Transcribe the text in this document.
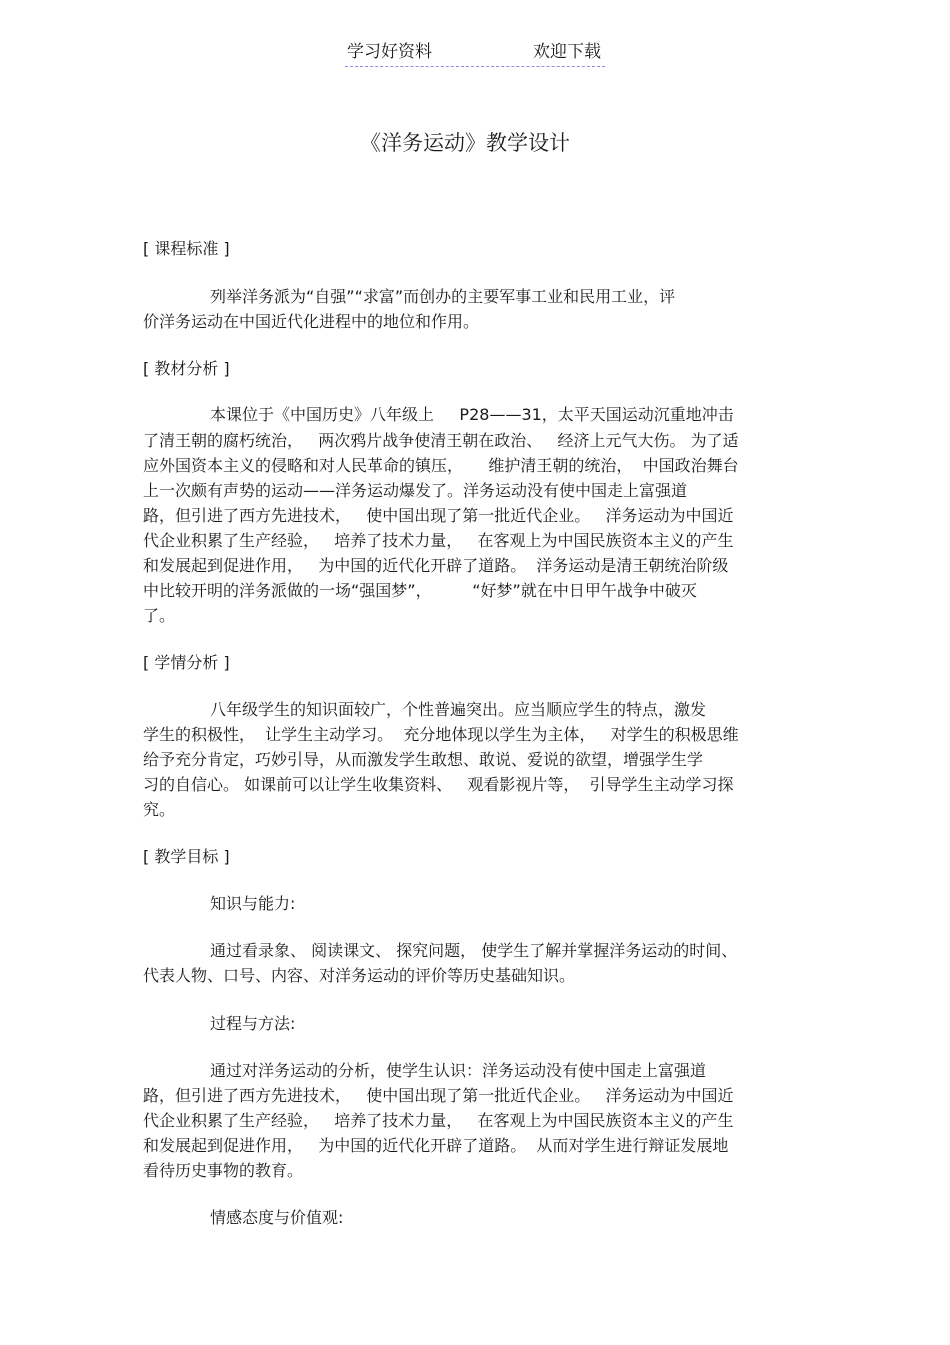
学习好资料	欢迎下载
《洋务运动》教学设计
[ 课程标准 ]
列举洋务派为“自强”“求富”而创办的主要军事工业和民用工业，评
价洋务运动在中国近代化进程中的地位和作用。
[ 教材分析 ]
本课位于《中国历史》八年级上     P28——31，太平天国运动沉重地冲击
了清王朝的腐朽统治，   两次鸦片战争使清王朝在政治、   经济上元气大伤。 为了适
应外国资本主义的侵略和对人民革命的镇压，     维护清王朝的统治，  中国政治舞台
上一次颇有声势的运动——洋务运动爆发了。洋务运动没有使中国走上富强道
路，但引进了西方先进技术，   使中国出现了第一批近代企业。   洋务运动为中国近
代企业积累了生产经验，   培养了技术力量，   在客观上为中国民族资本主义的产生
和发展起到促进作用，   为中国的近代化开辟了道路。  洋务运动是清王朝统治阶级
中比较开明的洋务派做的一场“强国梦”，        “好梦”就在中日甲午战争中破灭
了。
[ 学情分析 ]
八年级学生的知识面较广，个性普遍突出。应当顺应学生的特点，激发
学生的积极性，  让学生主动学习。  充分地体现以学生为主体，   对学生的积极思维
给予充分肯定，巧妙引导，从而激发学生敢想、敢说、爱说的欲望，增强学生学
习的自信心。 如课前可以让学生收集资料、   观看影视片等，  引导学生主动学习探
究。
[ 教学目标 ]
知识与能力:
通过看录象、 阅读课文、 探究问题， 使学生了解并掌握洋务运动的时间、
代表人物、口号、内容、对洋务运动的评价等历史基础知识。
过程与方法:
通过对洋务运动的分析，使学生认识：洋务运动没有使中国走上富强道
路，但引进了西方先进技术，   使中国出现了第一批近代企业。   洋务运动为中国近
代企业积累了生产经验，   培养了技术力量，   在客观上为中国民族资本主义的产生
和发展起到促进作用，   为中国的近代化开辟了道路。  从而对学生进行辩证发展地
看待历史事物的教育。
情感态度与价值观:
